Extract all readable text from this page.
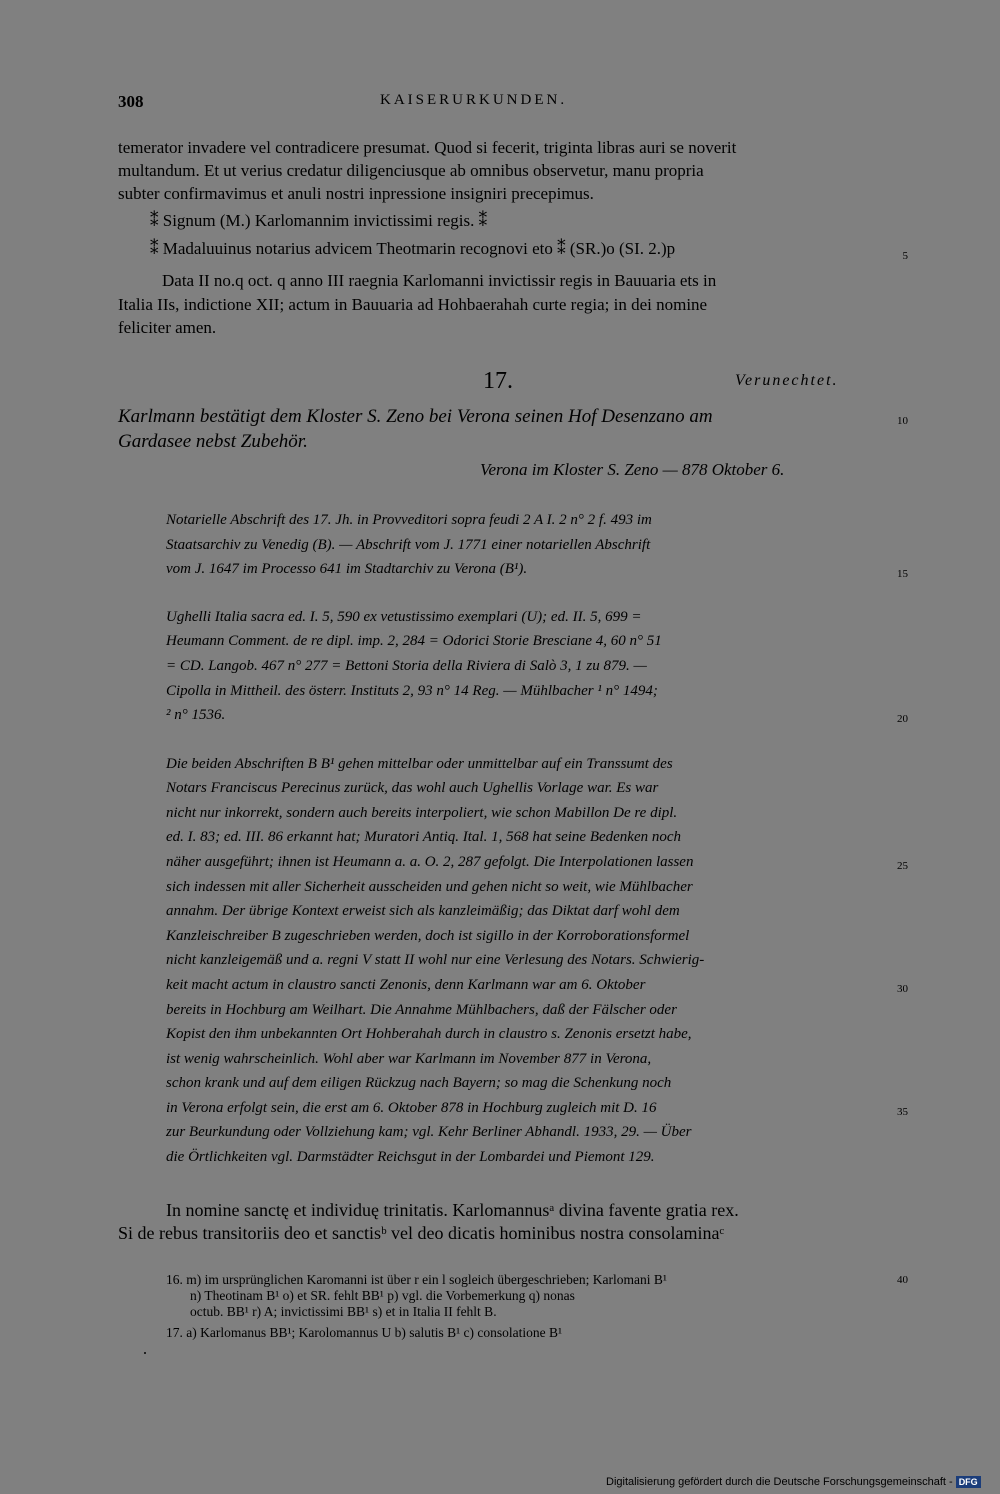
308	KAISERURKUNDEN.
temerator invadere vel contradicere presumat. Quod si fecerit, triginta libras auri se noverit
multandum. Et ut verius credatur diligenciusque ab omnibus observetur, manu propria
subter confirmavimus et anuli nostri inpressione insigniri precepimus.
⁑ Signum (M.) Karlomannim invictissimi regis. ⁑
⁑ Madaluuinus notarius advicem Theotmarin recognovi eto ⁑ (SR.)o (SI. 2.)p
Data II no.q oct. q anno III raegnia Karlomanni invictissir regis in Bauuaria ets in
Italia IIs, indictione XII; actum in Bauuaria ad Hohbaerahah curte regia; in dei nomine
feliciter amen.
17.	Verunechtet.
Karlmann bestätigt dem Kloster S. Zeno bei Verona seinen Hof Desenzano am
Gardasee nebst Zubehör.
Verona im Kloster S. Zeno — 878 Oktober 6.
Notarielle Abschrift des 17. Jh. in Provveditori sopra feudi 2 A I. 2 n° 2 f. 493 im
Staatsarchiv zu Venedig (B). — Abschrift vom J. 1771 einer notariellen Abschrift
vom J. 1647 im Processo 641 im Stadtarchiv zu Verona (B¹).
Ughelli Italia sacra ed. I. 5, 590 ex vetustissimo exemplari (U); ed. II. 5, 699 =
Heumann Comment. de re dipl. imp. 2, 284 = Odorici Storie Bresciane 4, 60 n° 51
= CD. Langob. 467 n° 277 = Bettoni Storia della Riviera di Salò 3, 1 zu 879. —
Cipolla in Mittheil. des österr. Instituts 2, 93 n° 14 Reg. — Mühlbacher ¹ n° 1494;
² n° 1536.
Die beiden Abschriften B B¹ gehen mittelbar oder unmittelbar auf ein Transsumt des
Notars Franciscus Perecinus zurück, das wohl auch Ughellis Vorlage war. Es war
nicht nur inkorrekt, sondern auch bereits interpoliert, wie schon Mabillon De re dipl.
ed. I. 83; ed. III. 86 erkannt hat; Muratori Antiq. Ital. 1, 568 hat seine Bedenken noch
näher ausgeführt; ihnen ist Heumann a. a. O. 2, 287 gefolgt. Die Interpolationen lassen
sich indessen mit aller Sicherheit ausscheiden und gehen nicht so weit, wie Mühlbacher
annahm. Der übrige Kontext erweist sich als kanzleimäßig; das Diktat darf wohl dem
Kanzleischreiber B zugeschrieben werden, doch ist sigillo in der Korroborationsformel
nicht kanzleigemäß und a. regni V statt II wohl nur eine Verlesung des Notars. Schwierig-
keit macht actum in claustro sancti Zenonis, denn Karlmann war am 6. Oktober
bereits in Hochburg am Weilhart. Die Annahme Mühlbachers, daß der Fälscher oder
Kopist den ihm unbekannten Ort Hohberahah durch in claustro s. Zenonis ersetzt habe,
ist wenig wahrscheinlich. Wohl aber war Karlmann im November 877 in Verona,
schon krank und auf dem eiligen Rückzug nach Bayern; so mag die Schenkung noch
in Verona erfolgt sein, die erst am 6. Oktober 878 in Hochburg zugleich mit D. 16
zur Beurkundung oder Vollziehung kam; vgl. Kehr Berliner Abhandl. 1933, 29. — Über
die Örtlichkeiten vgl. Darmstädter Reichsgut in der Lombardei und Piemont 129.
In nomine sanctę et individuę trinitatis. Karlomannusᵃ divina favente gratia rex.
Si de rebus transitoriis deo et sanctisᵇ vel deo dicatis hominibus nostra consolaminaᶜ
16. m) im ursprünglichen Karomanni ist über r ein l sogleich übergeschrieben; Karlomani B¹
n) Theotinam B¹ o) et SR. fehlt BB¹ p) vgl. die Vorbemerkung q) nonas
octub. BB¹ r) A; invictissimi BB¹ s) et in Italia II fehlt B.
17. a) Karlomanus BB¹; Karolomannus U b) salutis B¹ c) consolatione B¹
5
10
15
20
25
30
35
40
Digitalisierung gefördert durch die Deutsche Forschungsgemeinschaft - DFG
